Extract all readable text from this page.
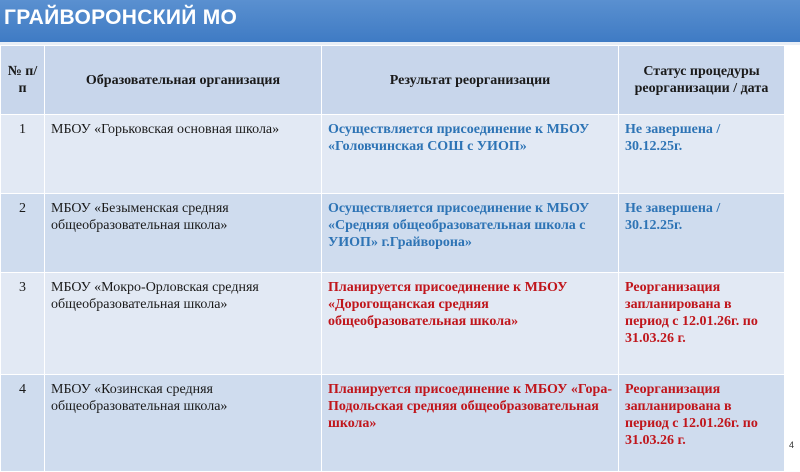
ГРАЙВОРОНСКИЙ МО
№ п/п	Образовательная организация	Результат реорганизации	Статус процедуры реорганизации / дата
1	МБОУ «Горьковская основная школа»	Осуществляется присоединение к МБОУ «Головчинская СОШ с УИОП»	Не завершена / 30.12.25г.
2	МБОУ «Безыменская средняя общеобразовательная школа»	Осуществляется присоединение к МБОУ «Средняя общеобразовательная школа с УИОП» г.Грайворона»	Не завершена / 30.12.25г.
3	МБОУ «Мокро-Орловская средняя общеобразовательная школа»	Планируется присоединение к МБОУ «Дорогощанская средняя общеобразовательная школа»	Реорганизация запланирована в период с 12.01.26г. по 31.03.26 г.
4	МБОУ «Козинская средняя общеобразовательная школа»	Планируется присоединение к МБОУ «Гора-Подольская средняя общеобразовательная школа»	Реорганизация запланирована в период с 12.01.26г. по 31.03.26 г.	4
